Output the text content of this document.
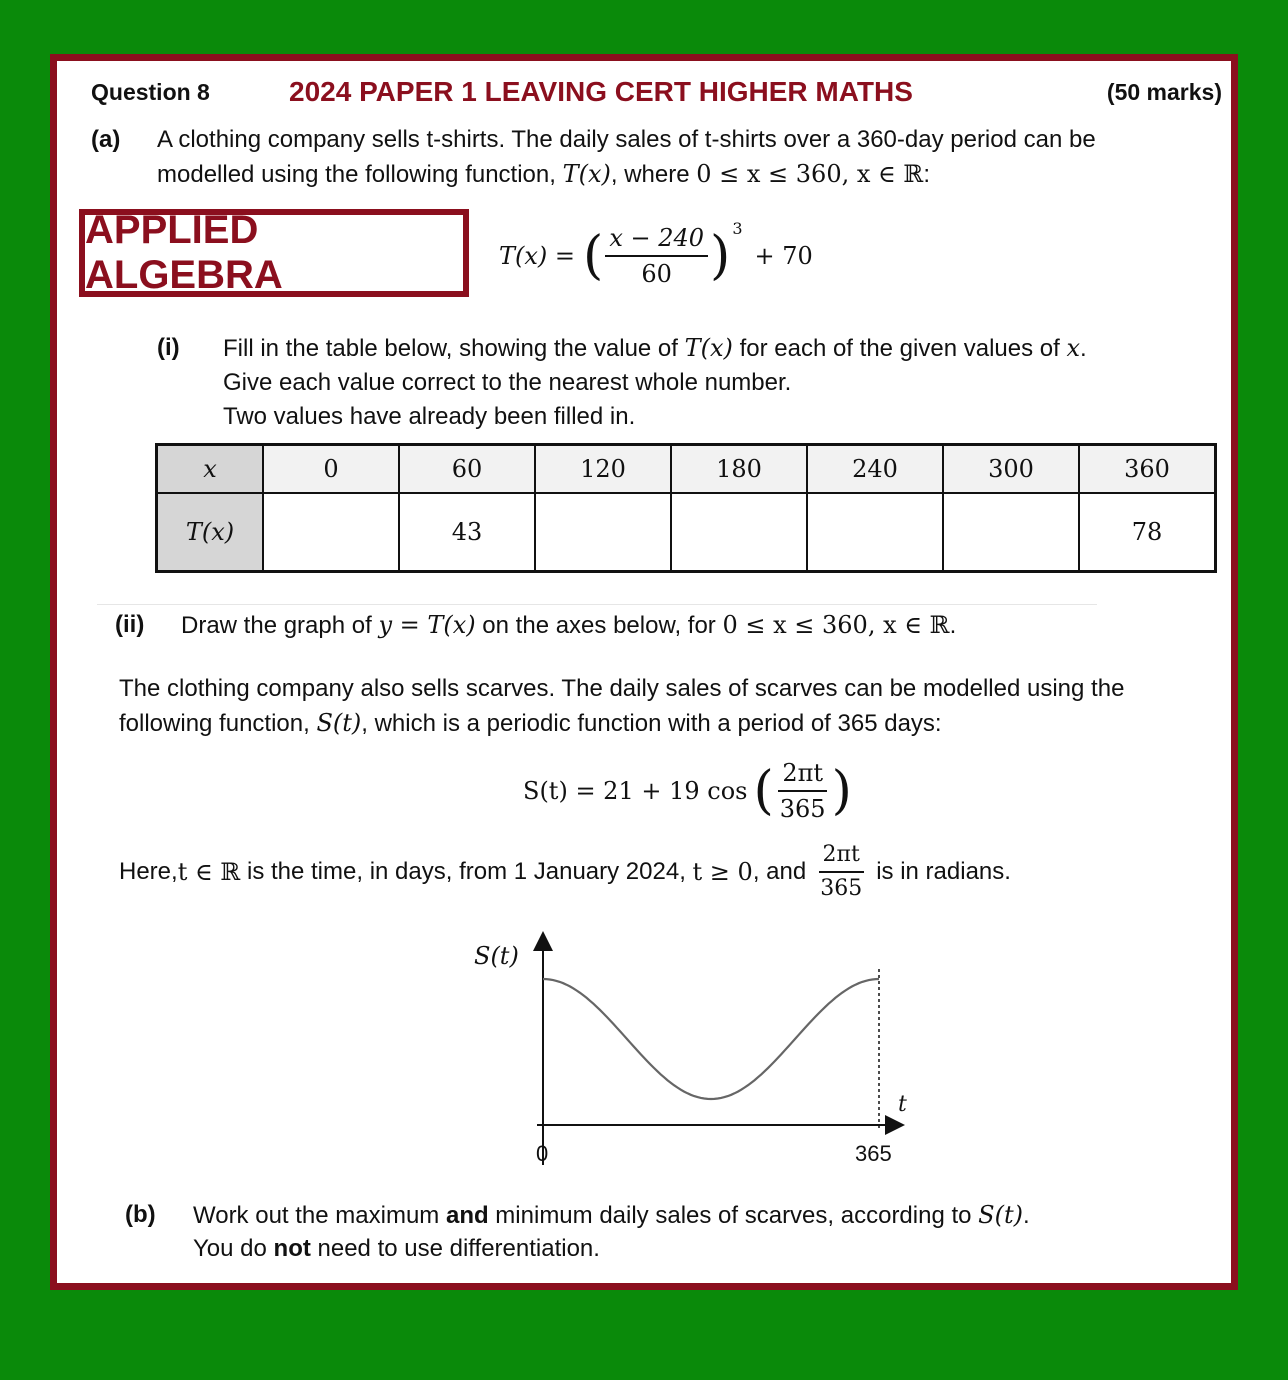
Question 8	2024 PAPER 1 LEAVING CERT HIGHER MATHS	(50 marks)
(a) A clothing company sells t-shirts. The daily sales of t-shirts over a 360-day period can be
modelled using the following function, T(x), where 0 ≤ x ≤ 360, x ∈ ℝ:
APPLIED ALGEBRA	T(x) = ( $\frac{x - 240}{60}$ ) 3
+ 70
(i) Fill in the table below, showing the value of T(x) for each of the given values of x.
Give each value correct to the nearest whole number.
Two values have already been filled in.
x	0	60	120	180	240	300	360
T(x)		43					78
(ii) Draw the graph of y = T(x) on the axes below, for 0 ≤ x ≤ 360, x ∈ ℝ.
The clothing company also sells scarves. The daily sales of scarves can be modelled using the
following function, S(t), which is a periodic function with a period of 365 days:
S(t) = 21 + 19 cos ( $\frac{2\pi t}{365}$ )
Here, t ∈ ℝ is the time, in days, from 1 January 2024, t ≥ 0 , and $\frac{2\pi t}{365}$ is in radians.
S(t)
t
0	365
(b) Work out the maximum and minimum daily sales of scarves, according to S(t).
You do not need to use differentiation.
